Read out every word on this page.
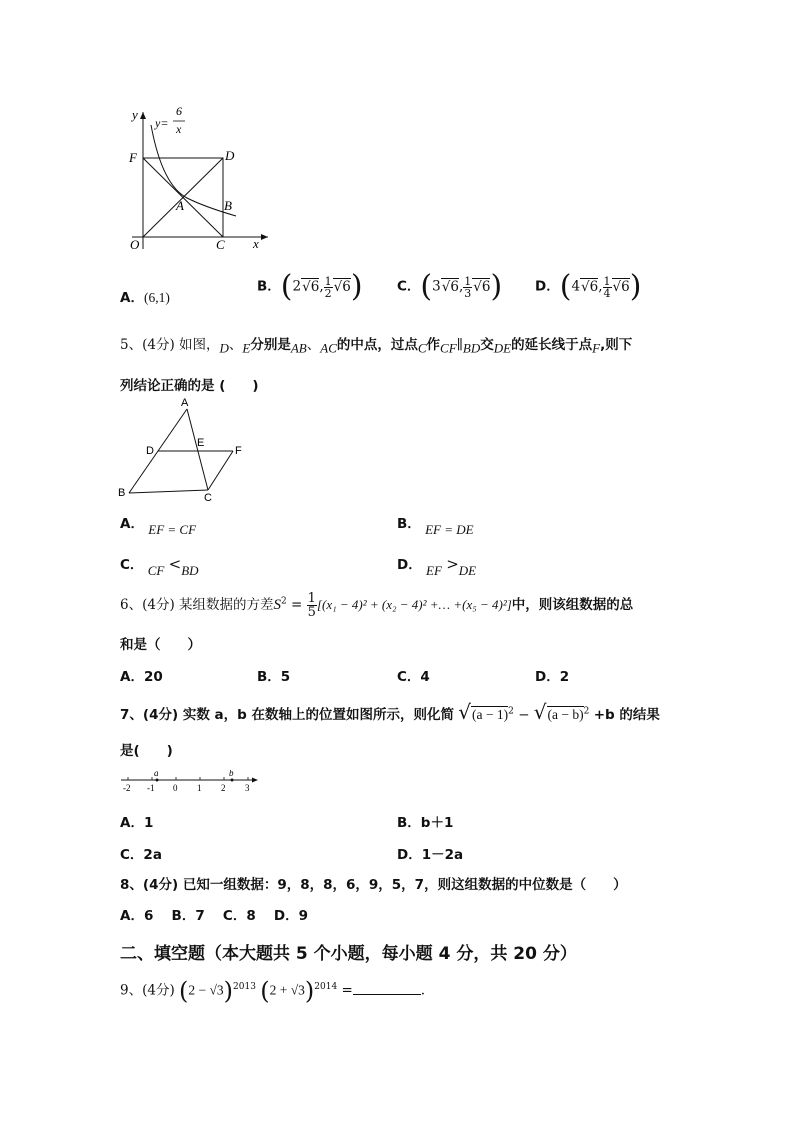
y
x
O
F	D
A	B
C
y=
6
x
A．(6,1)
B．(2√6, $\frac{1}{2} √6$)	C．(3√6, $\frac{1}{3} √6$) D．(4√6, $\frac{1}{4} √6$)
5、(4分) 如图，$_D$、$_E$分别是$_{AB}$、$_{AC}$的中点，过点$_C$作$_{CF}\parallel_{BD}$交$_{DE}$的延长线于点$_F$,则下
列结论正确的是 (　　)
A
D
E
F
B	C
A． EF = CF	B． EF = DE
C． CF <BD	D． EF >DE
6、(4分) 某组数据的方差$S^2 = \frac{1}{5} [(x_1 - 4)^2 + (x_2 - 4)^2$ +… +(x₅ − 4)²]中，则该组数据的总
和是（　　）
A．20	B．5	C．4	D．2
7、(4分) 实数 a，b 在数轴上的位置如图所示，则化简 $√(a - 1)^2 - √(a - b)^2 +b$ 的结果
是(　　)
a	b
-2 -1 0 1 2 3
A．1	B．b＋1
C．2a	D．1－2a
8、(4分) 已知一组数据：9，8，8，6，9，5，7，则这组数据的中位数是（　　）
A．6　 B．7　 C．8　 D．9
二、填空题（本大题共 5 个小题，每小题 4 分，共 20 分）
9、(4分) $(2 - √3)^{2013}$ $(2 + √3)^{2014}$ =	.
